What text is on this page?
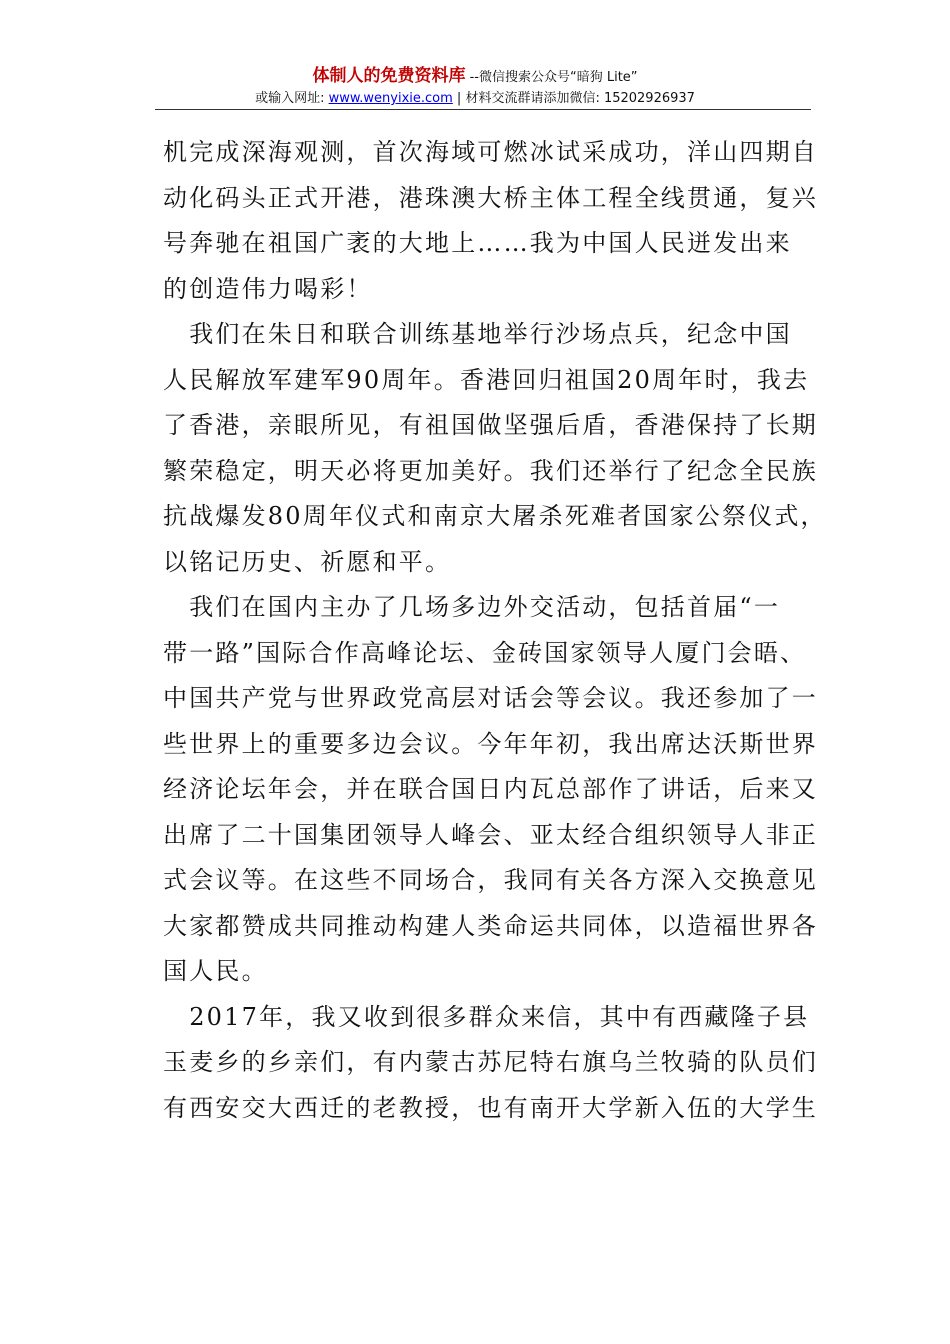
体制人的免费资料库 --微信搜索公众号“暗狗 Lite”
或输入网址: www.wenyixie.com | 材料交流群请添加微信: 15202926937
机完成深海观测，首次海域可燃冰试采成功，洋山四期自
动化码头正式开港，港珠澳大桥主体工程全线贯通，复兴
号奔驰在祖国广袤的大地上……我为中国人民迸发出来
的创造伟力喝彩！
　我们在朱日和联合训练基地举行沙场点兵，纪念中国
人民解放军建军90周年。香港回归祖国20周年时，我去
了香港，亲眼所见，有祖国做坚强后盾，香港保持了长期
繁荣稳定，明天必将更加美好。我们还举行了纪念全民族
抗战爆发80周年仪式和南京大屠杀死难者国家公祭仪式，
以铭记历史、祈愿和平。
　我们在国内主办了几场多边外交活动，包括首届“一
带一路”国际合作高峰论坛、金砖国家领导人厦门会晤、
中国共产党与世界政党高层对话会等会议。我还参加了一
些世界上的重要多边会议。今年年初，我出席达沃斯世界
经济论坛年会，并在联合国日内瓦总部作了讲话，后来又
出席了二十国集团领导人峰会、亚太经合组织领导人非正
式会议等。在这些不同场合，我同有关各方深入交换意见
大家都赞成共同推动构建人类命运共同体，以造福世界各
国人民。
　2017年，我又收到很多群众来信，其中有西藏隆子县
玉麦乡的乡亲们，有内蒙古苏尼特右旗乌兰牧骑的队员们
有西安交大西迁的老教授，也有南开大学新入伍的大学生
